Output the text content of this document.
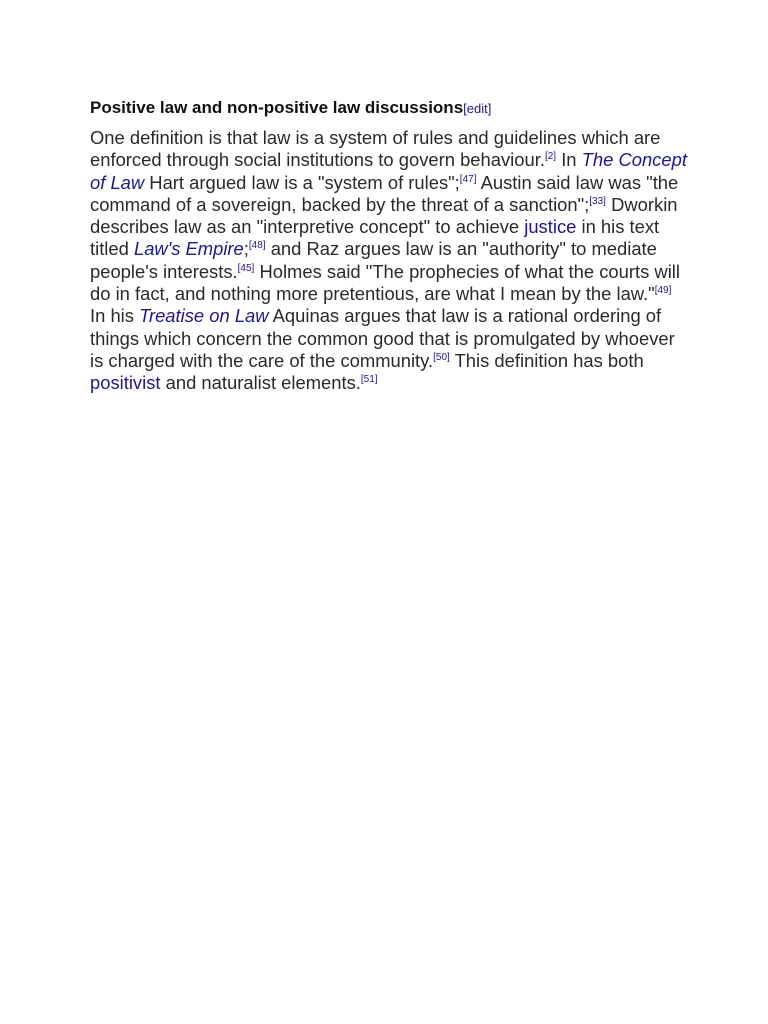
Positive law and non-positive law discussions[edit]

One definition is that law is a system of rules and guidelines which are enforced through social institutions to govern behaviour.[2] In The Concept of Law Hart argued law is a "system of rules";[47] Austin said law was "the command of a sovereign, backed by the threat of a sanction";[33] Dworkin describes law as an "interpretive concept" to achieve justice in his text titled Law's Empire;[48] and Raz argues law is an "authority" to mediate people's interests.[45] Holmes said "The prophecies of what the courts will do in fact, and nothing more pretentious, are what I mean by the law."[49] In his Treatise on Law Aquinas argues that law is a rational ordering of things which concern the common good that is promulgated by whoever is charged with the care of the community.[50] This definition has both positivist and naturalist elements.[51]
